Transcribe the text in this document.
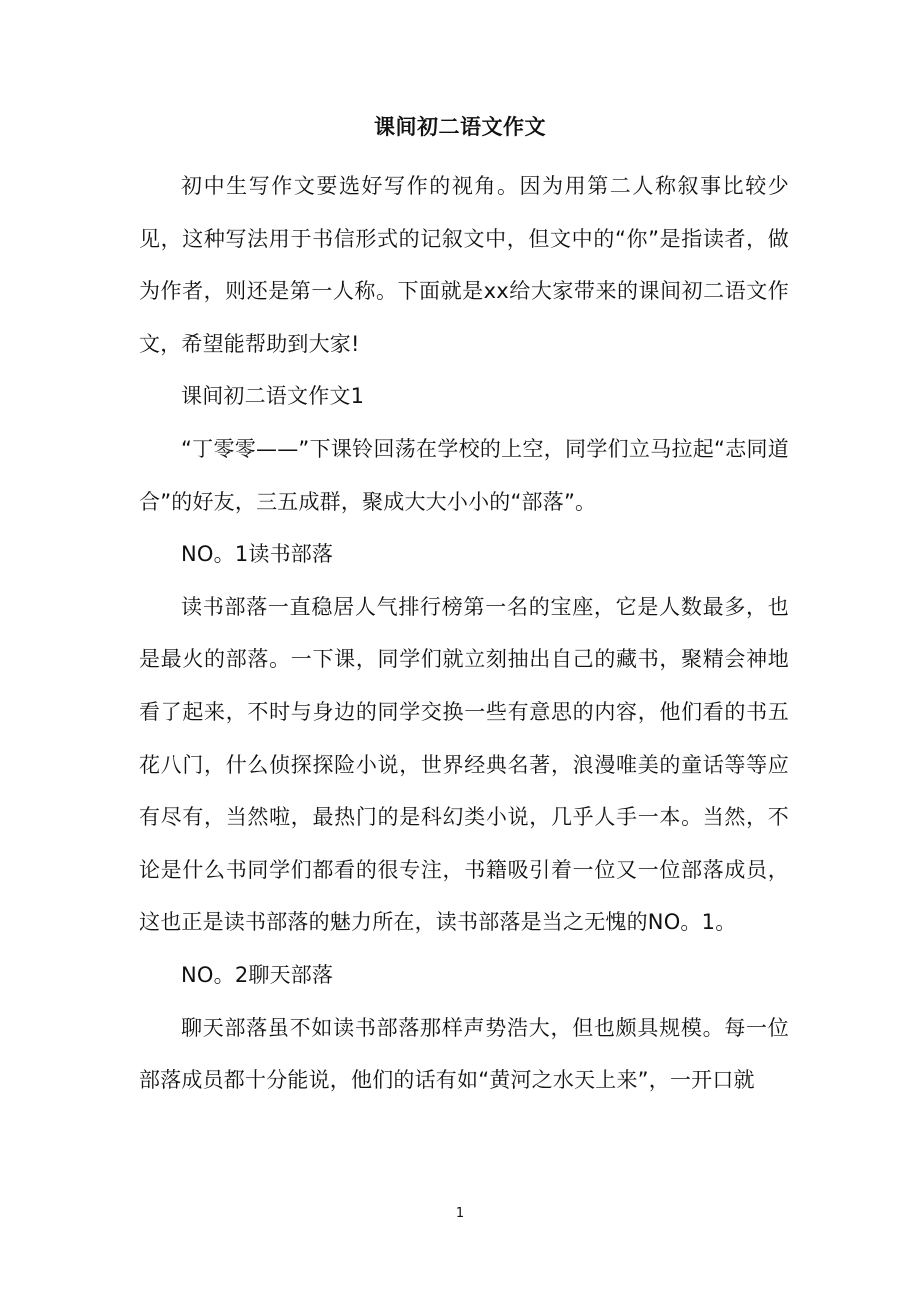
课间初二语文作文

初中生写作文要选好写作的视角。因为用第二人称叙事比较少见，这种写法用于书信形式的记叙文中，但文中的“你”是指读者，做为作者，则还是第一人称。下面就是xx给大家带来的课间初二语文作文，希望能帮助到大家!

课间初二语文作文1

“丁零零——”下课铃回荡在学校的上空，同学们立马拉起“志同道合”的好友，三五成群，聚成大大小小的“部落”。

NO。1读书部落

读书部落一直稳居人气排行榜第一名的宝座，它是人数最多，也是最火的部落。一下课，同学们就立刻抽出自己的藏书，聚精会神地看了起来，不时与身边的同学交换一些有意思的内容，他们看的书五花八门，什么侦探探险小说，世界经典名著，浪漫唯美的童话等等应有尽有，当然啦，最热门的是科幻类小说，几乎人手一本。当然，不论是什么书同学们都看的很专注，书籍吸引着一位又一位部落成员，这也正是读书部落的魅力所在，读书部落是当之无愧的NO。1。

NO。2聊天部落

聊天部落虽不如读书部落那样声势浩大，但也颇具规模。每一位部落成员都十分能说，他们的话有如“黄河之水天上来”，一开口就

1
